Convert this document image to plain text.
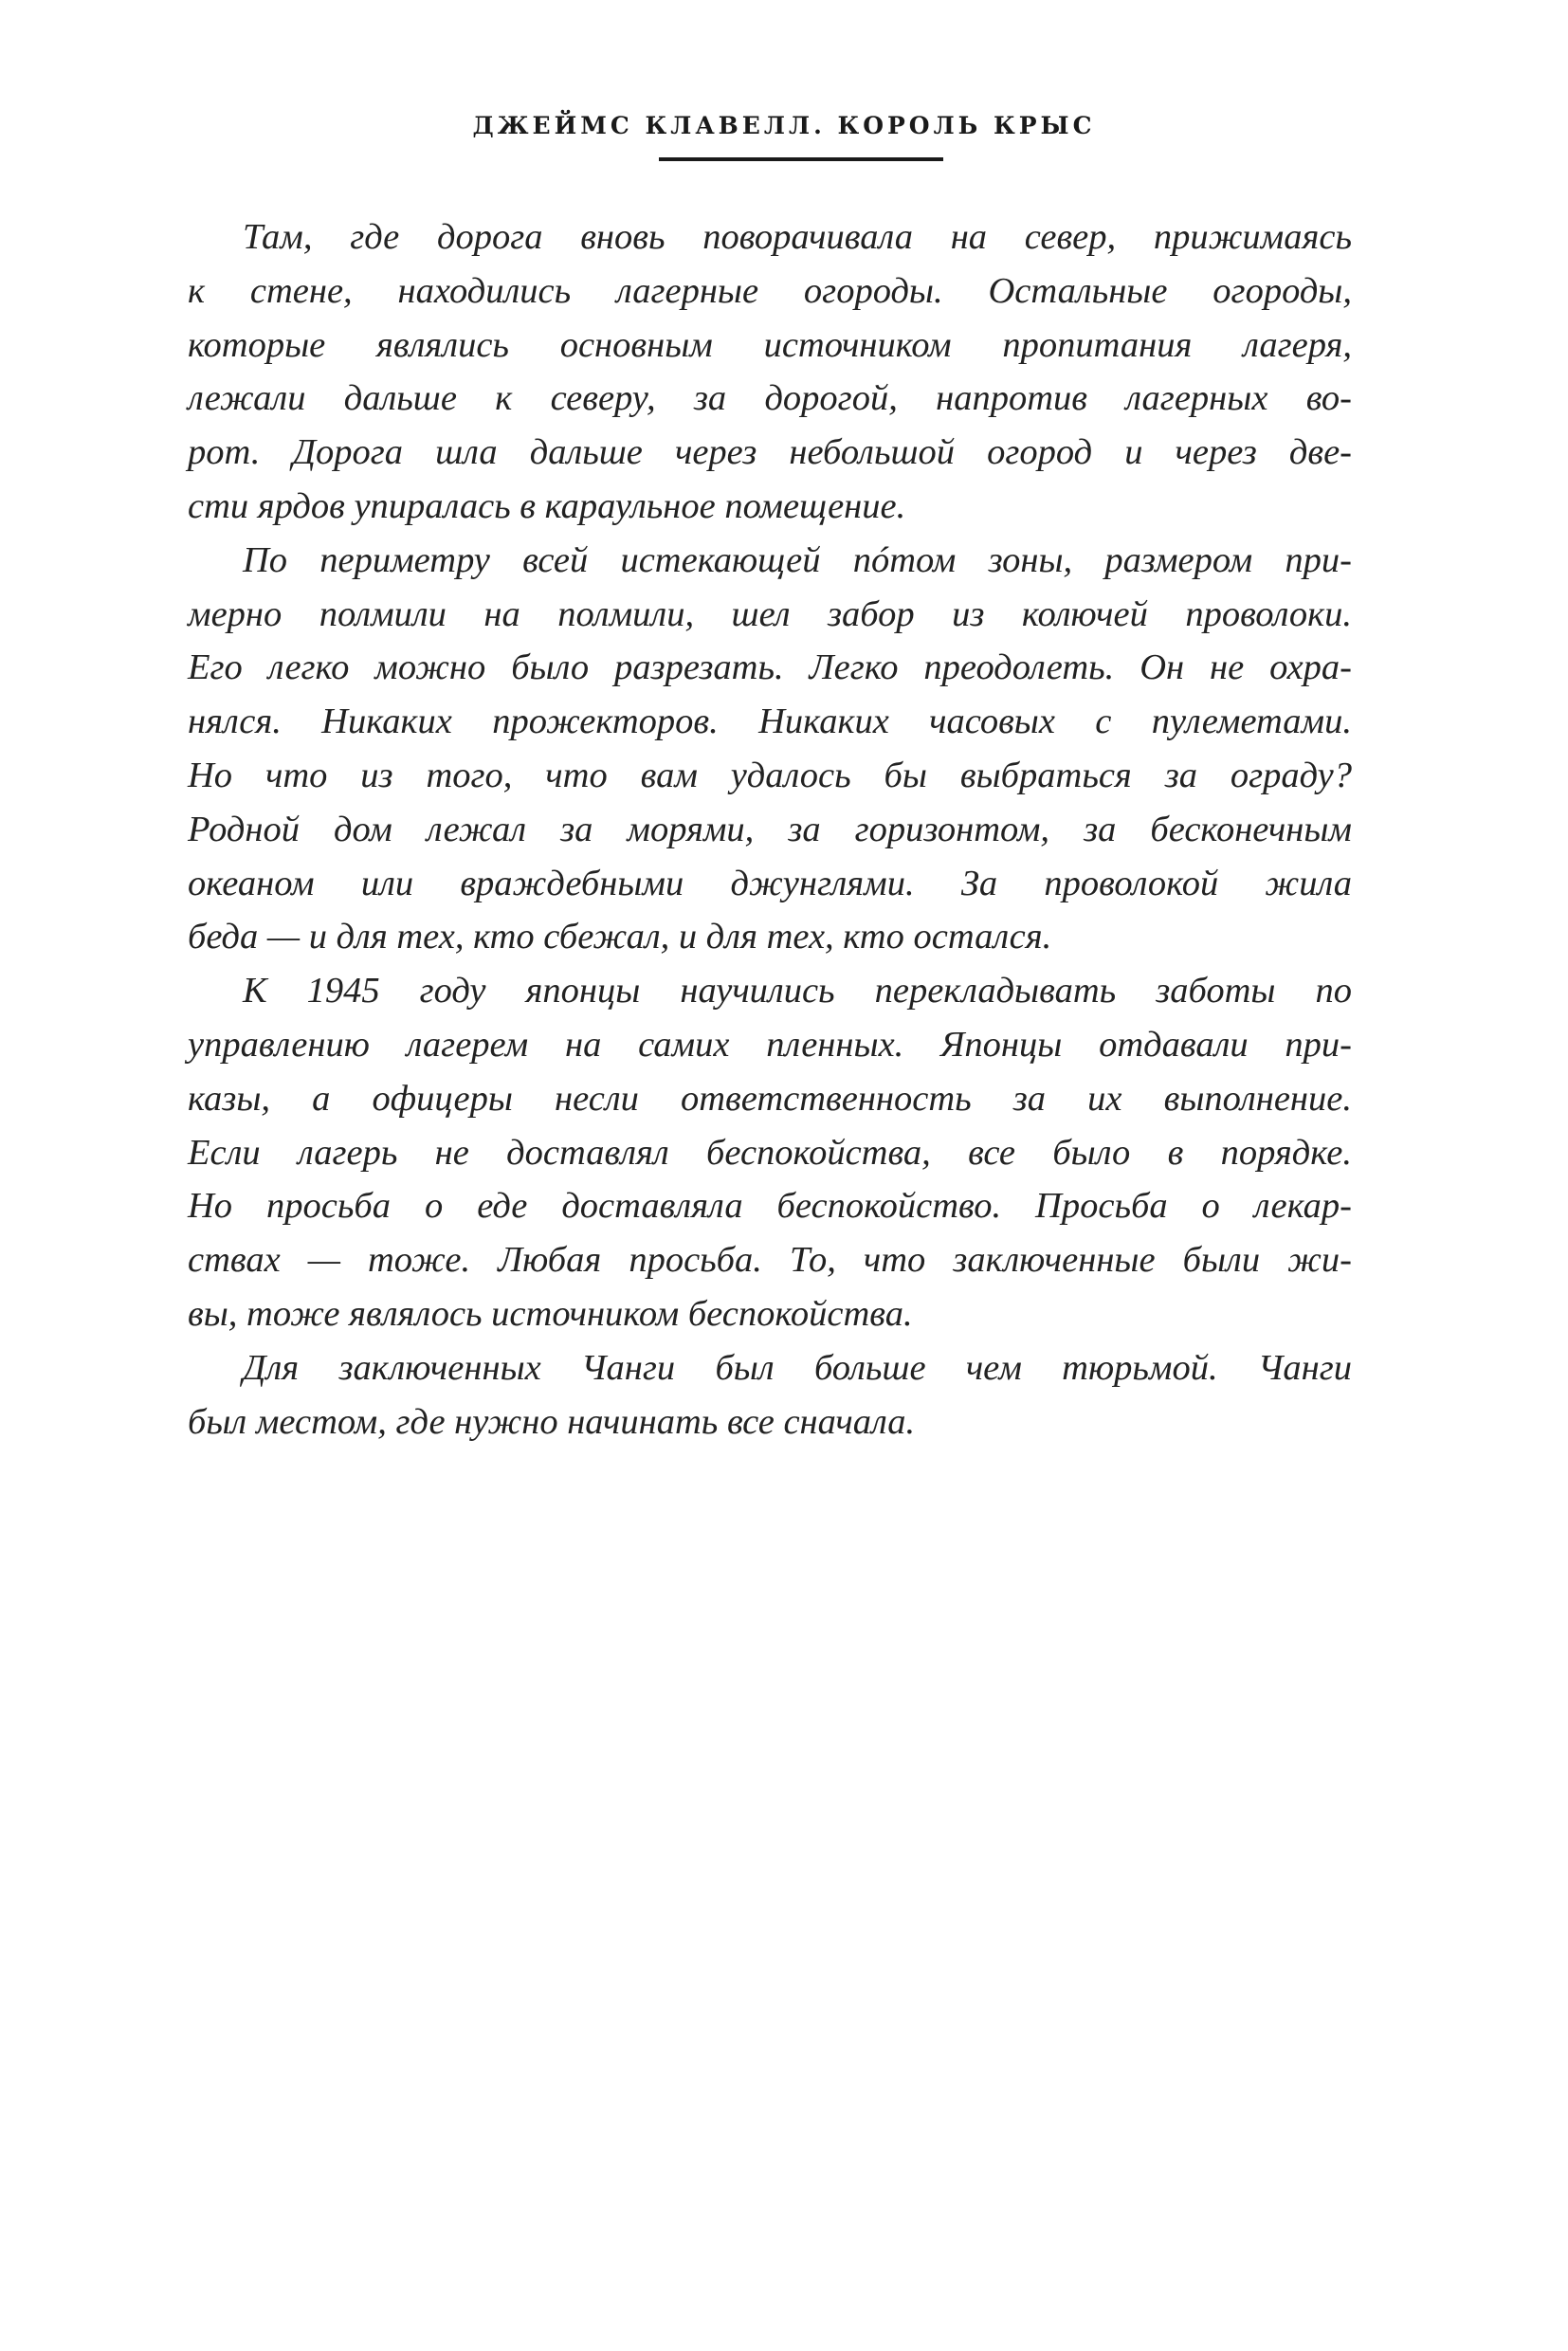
ДЖЕЙМС КЛАВЕЛЛ. КОРОЛЬ КРЫС

Там, где дорога вновь поворачивала на север, прижимаясь
к стене, находились лагерные огороды. Остальные огороды,
которые являлись основным источником пропитания лагеря,
лежали дальше к северу, за дорогой, напротив лагерных во-
рот. Дорога шла дальше через небольшой огород и через две-
сти ярдов упиралась в караульное помещение.

По периметру всей истекающей пóтом зоны, размером при-
мерно полмили на полмили, шел забор из колючей проволоки.
Его легко можно было разрезать. Легко преодолеть. Он не охра-
нялся. Никаких прожекторов. Никаких часовых с пулеметами.
Но что из того, что вам удалось бы выбраться за ограду?
Родной дом лежал за морями, за горизонтом, за бесконечным
океаном или враждебными джунглями. За проволокой жила
беда — и для тех, кто сбежал, и для тех, кто остался.

К 1945 году японцы научились перекладывать заботы по
управлению лагерем на самих пленных. Японцы отдавали при-
казы, а офицеры несли ответственность за их выполнение.
Если лагерь не доставлял беспокойства, все было в порядке.
Но просьба о еде доставляла беспокойство. Просьба о лекар-
ствах — тоже. Любая просьба. То, что заключенные были жи-
вы, тоже являлось источником беспокойства.

Для заключенных Чанги был больше чем тюрьмой. Чанги
был местом, где нужно начинать все сначала.
